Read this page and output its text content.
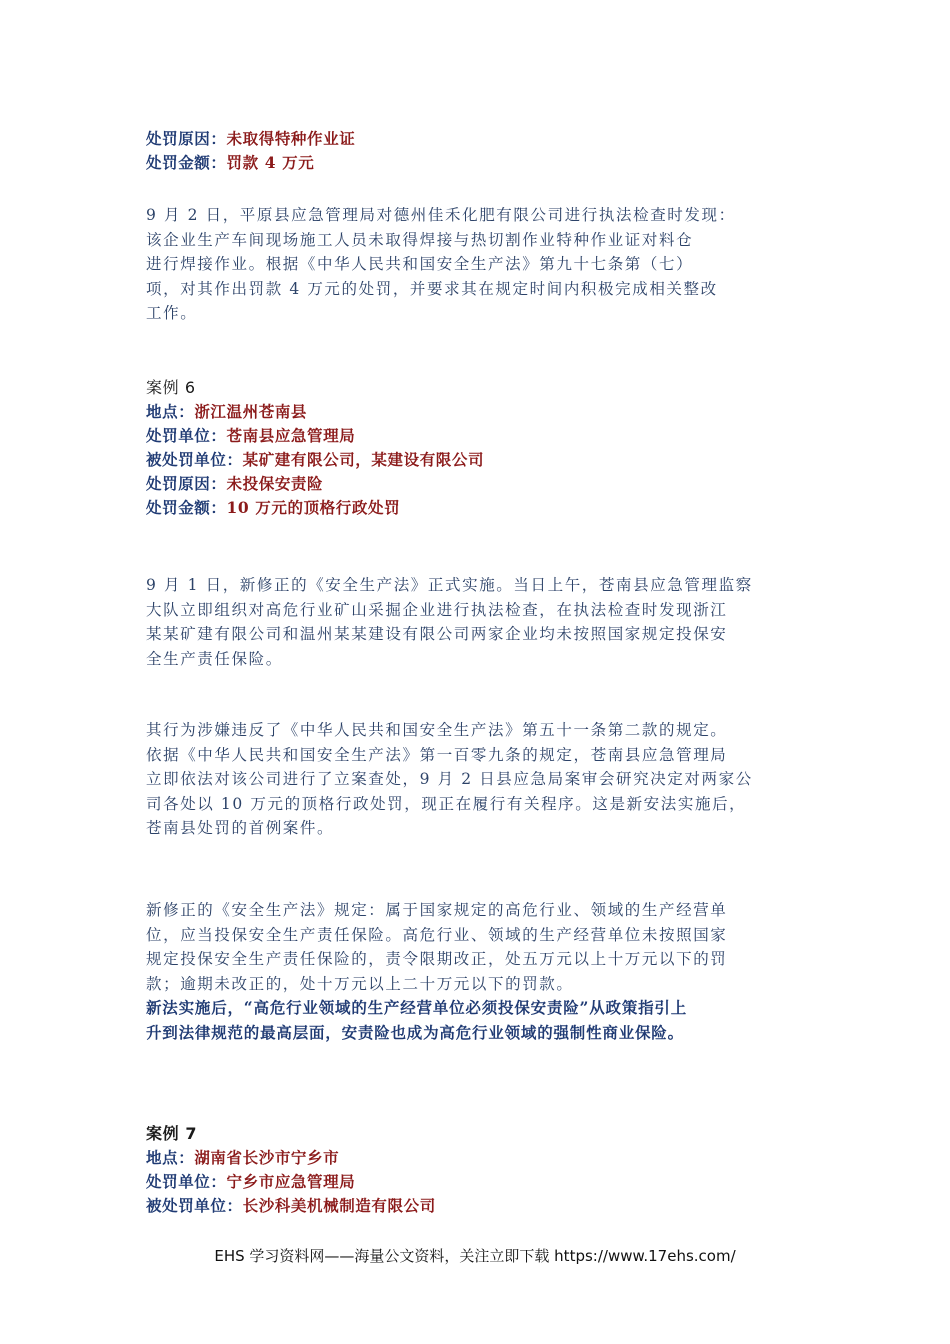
处罚原因：未取得特种作业证
处罚金额：罚款 4 万元
9 月 2 日，平原县应急管理局对德州佳禾化肥有限公司进行执法检查时发现：
该企业生产车间现场施工人员未取得焊接与热切割作业特种作业证对料仓
进行焊接作业。根据《中华人民共和国安全生产法》第九十七条第（七）
项，对其作出罚款 4 万元的处罚，并要求其在规定时间内积极完成相关整改
工作。
案例 6
地点：浙江温州苍南县
处罚单位：苍南县应急管理局
被处罚单位：某矿建有限公司，某建设有限公司
处罚原因：未投保安责险
处罚金额：10 万元的顶格行政处罚
9 月 1 日，新修正的《安全生产法》正式实施。当日上午，苍南县应急管理监察
大队立即组织对高危行业矿山采掘企业进行执法检查，在执法检查时发现浙江
某某矿建有限公司和温州某某建设有限公司两家企业均未按照国家规定投保安
全生产责任保险。
其行为涉嫌违反了《中华人民共和国安全生产法》第五十一条第二款的规定。
依据《中华人民共和国安全生产法》第一百零九条的规定，苍南县应急管理局
立即依法对该公司进行了立案查处，9 月 2 日县应急局案审会研究决定对两家公
司各处以 10 万元的顶格行政处罚，现正在履行有关程序。这是新安法实施后，
苍南县处罚的首例案件。
新修正的《安全生产法》规定：属于国家规定的高危行业、领域的生产经营单
位，应当投保安全生产责任保险。高危行业、领域的生产经营单位未按照国家
规定投保安全生产责任保险的，责令限期改正，处五万元以上十万元以下的罚
款；逾期未改正的，处十万元以上二十万元以下的罚款。
新法实施后，“高危行业领域的生产经营单位必须投保安责险”从政策指引上
升到法律规范的最高层面，安责险也成为高危行业领域的强制性商业保险。
案例 7
地点：湖南省长沙市宁乡市
处罚单位：宁乡市应急管理局
被处罚单位：长沙科美机械制造有限公司
EHS 学习资料网——海量公文资料，关注立即下载 https://www.17ehs.com/
